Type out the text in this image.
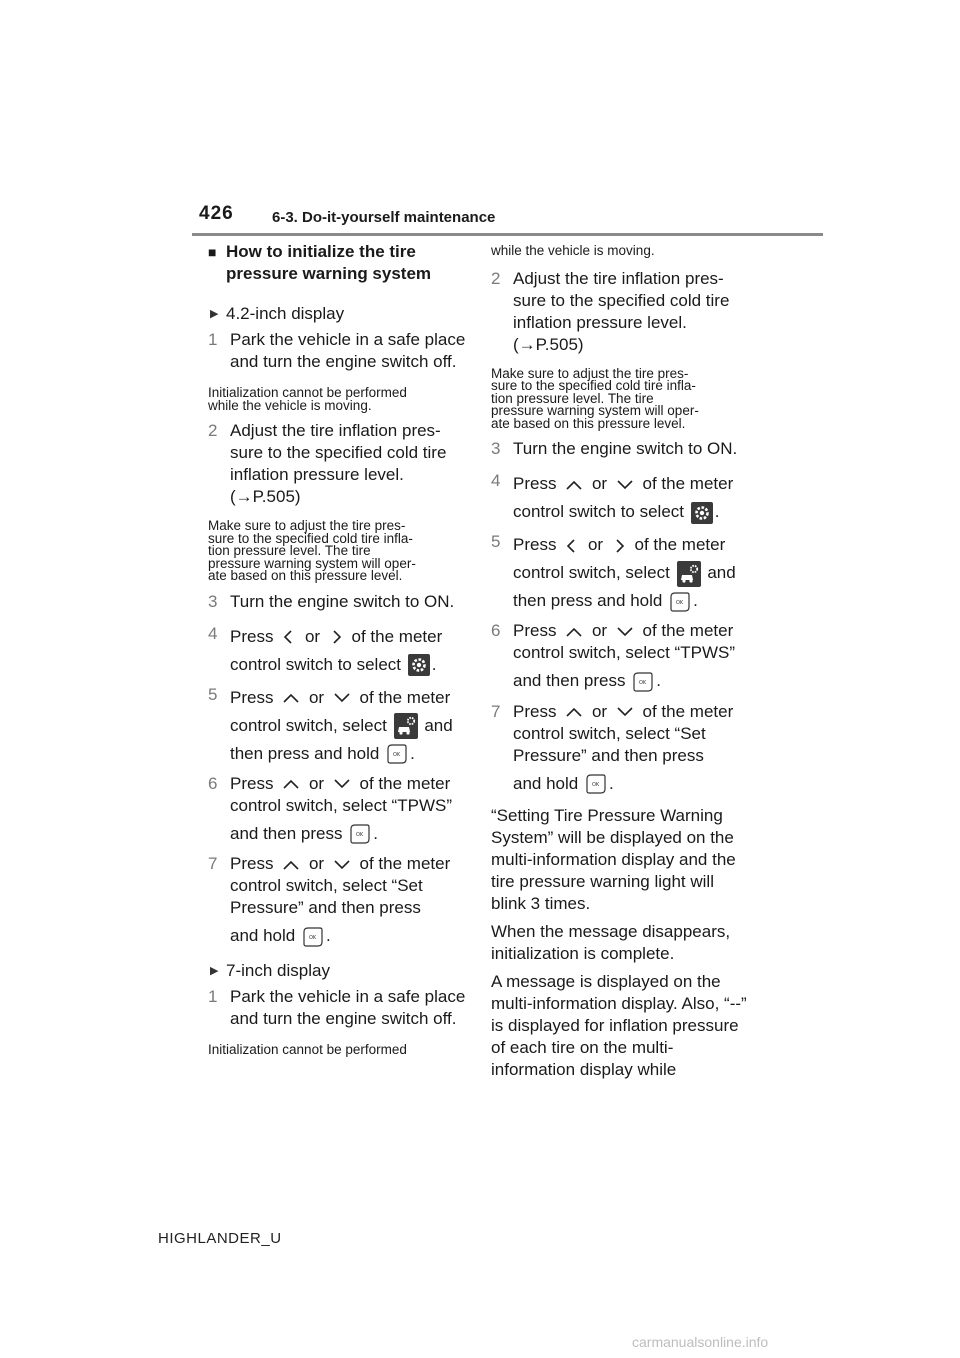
426	6-3. Do-it-yourself maintenance
■ How to initialize the tire
pressure warning system
▶ 4.2-inch display
1 Park the vehicle in a safe place and turn the engine switch off.

Initialization cannot be performed

while the vehicle is moving.

2 Adjust the tire inflation pres-sure to the specified cold tire inflation pressure level.
(→P.505)

Make sure to adjust the tire pres-

sure to the specified cold tire infla-

tion pressure level. The tire

pressure warning system will oper-

ate based on this pressure level.

3 Turn the engine switch to ON.
4 Press or of the meter
control switch to select .
5 Press or of the meter
control switch, select and
then press and hold	OK .
6 Press or of the meter
control switch, select “TPWS”
and then press	OK .
7 Press or of the meter
control switch, select “Set Pressure” and then press
and hold	OK .
▶ 7-inch display
1 Park the vehicle in a safe place and turn the engine switch off.

Initialization cannot be performed

while the vehicle is moving.

2 Adjust the tire inflation pres-sure to the specified cold tire inflation pressure level.
(→P.505)

Make sure to adjust the tire pres-

sure to the specified cold tire infla-

tion pressure level. The tire

pressure warning system will oper-

ate based on this pressure level.

3 Turn the engine switch to ON.
4 Press or of the meter
control switch to select .
5 Press or of the meter
control switch, select and
then press and hold	OK .
6 Press or of the meter
control switch, select “TPWS”
and then press	OK .
7 Press or of the meter
control switch, select “Set Pressure” and then press
and hold	OK .

“Setting Tire Pressure Warning System” will be displayed on the multi-information display and the tire pressure warning light will blink 3 times.

When the message disappears, initialization is complete.

A message is displayed on the multi-information display. Also, “--” is displayed for inflation pressure of each tire on the multi-information display while

HIGHLANDER_U
carmanualsonline.info
